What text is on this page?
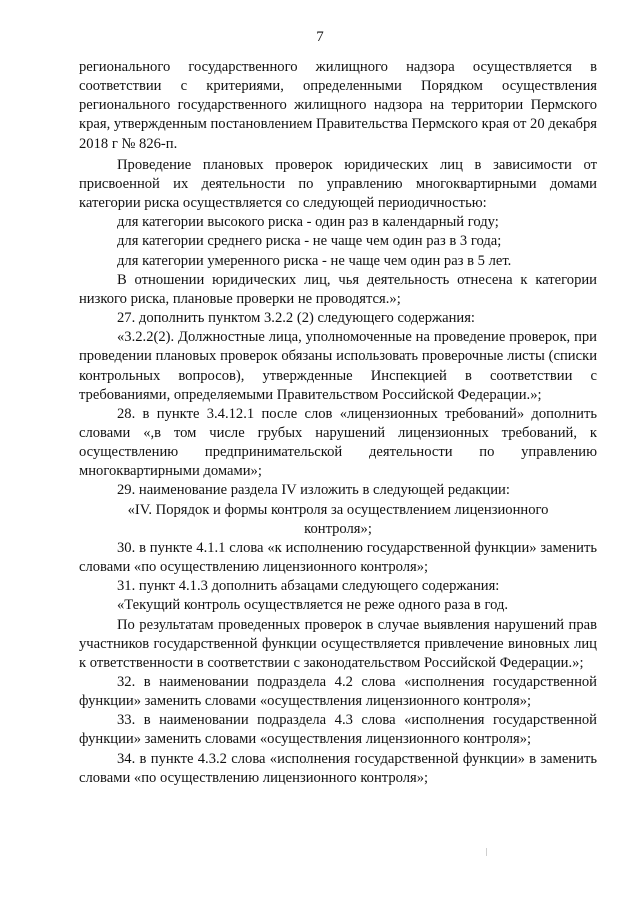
7

регионального государственного жилищного надзора осуществляется в соответствии с критериями, определенными Порядком осуществления регионального государственного жилищного надзора на территории Пермского края, утвержденным постановлением Правительства Пермского края от 20 декабря 2018 г № 826-п.

Проведение плановых проверок юридических лиц в зависимости от присвоенной их деятельности по управлению многоквартирными домами категории риска осуществляется со следующей периодичностью:

для категории высокого риска - один раз в календарный году;

для категории среднего риска - не чаще чем один раз в 3 года;

для категории умеренного риска - не чаще чем один раз в 5 лет.

В отношении юридических лиц, чья деятельность отнесена к категории низкого риска, плановые проверки не проводятся.»;

27. дополнить пунктом 3.2.2 (2) следующего содержания:

«3.2.2(2). Должностные лица, уполномоченные на проведение проверок, при проведении плановых проверок обязаны использовать проверочные листы (списки контрольных вопросов), утвержденные Инспекцией в соответствии с требованиями, определяемыми Правительством Российской Федерации.»;

28. в пункте 3.4.12.1 после слов «лицензионных требований» дополнить словами «,в том числе грубых нарушений лицензионных требований, к осуществлению предпринимательской деятельности по управлению многоквартирными домами»;

29. наименование раздела IV изложить в следующей редакции:

«IV. Порядок и формы контроля за осуществлением лицензионного контроля»;

30. в пункте 4.1.1 слова «к исполнению государственной функции» заменить словами «по осуществлению лицензионного контроля»;

31. пункт 4.1.3 дополнить абзацами следующего содержания:

«Текущий контроль осуществляется не реже одного раза в год.

По результатам проведенных проверок в случае выявления нарушений прав участников государственной функции осуществляется привлечение виновных лиц к ответственности в соответствии с законодательством Российской Федерации.»;

32. в наименовании подраздела 4.2 слова «исполнения государственной функции» заменить словами «осуществления лицензионного контроля»;

33. в наименовании подраздела 4.3 слова «исполнения государственной функции» заменить словами «осуществления лицензионного контроля»;

34. в пункте 4.3.2 слова «исполнения государственной функции» в заменить словами «по осуществлению лицензионного контроля»;
